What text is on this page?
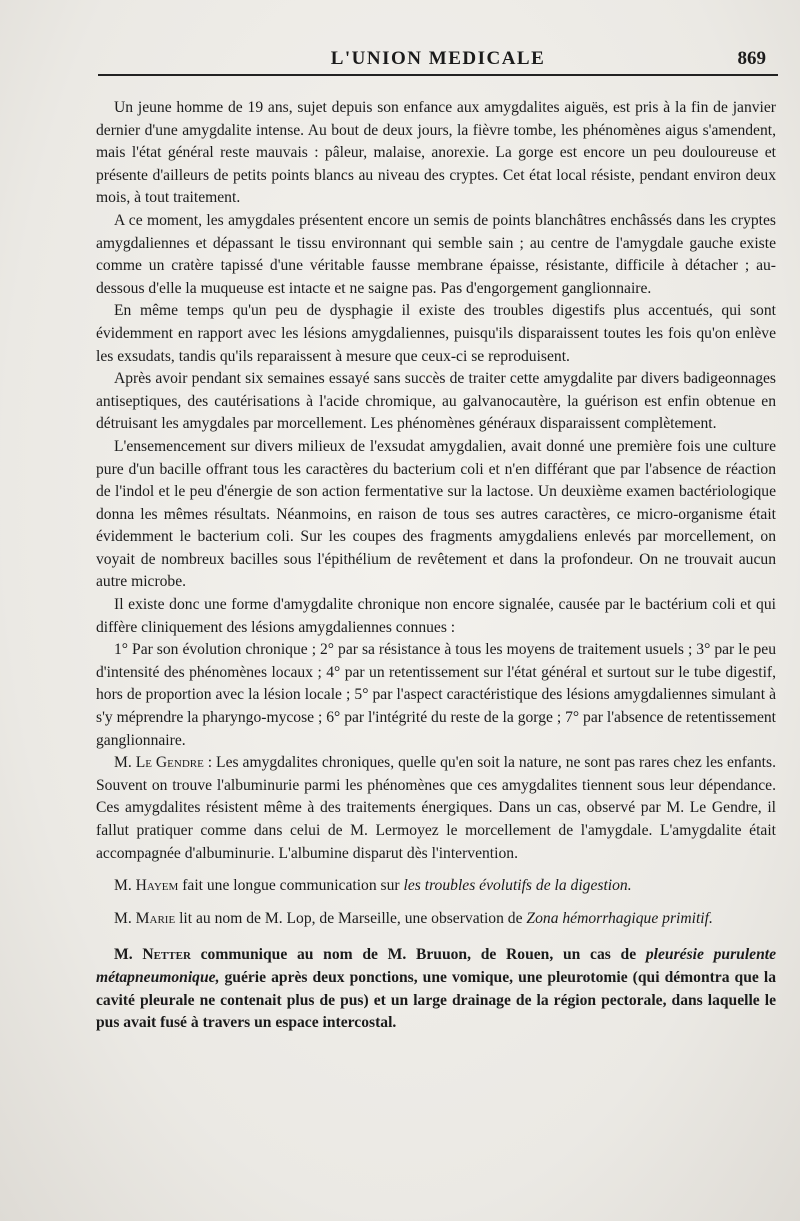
L'UNION MEDICALE	869

Un jeune homme de 19 ans, sujet depuis son enfance aux amygdalites aiguës, est pris à la fin de janvier dernier d'une amygdalite intense. Au bout de deux jours, la fièvre tombe, les phénomènes aigus s'amendent, mais l'état général reste mauvais : pâleur, malaise, anorexie. La gorge est encore un peu douloureuse et présente d'ailleurs de petits points blancs au niveau des cryptes. Cet état local résiste, pendant environ deux mois, à tout traitement.

A ce moment, les amygdales présentent encore un semis de points blanchâtres enchâssés dans les cryptes amygdaliennes et dépassant le tissu environnant qui semble sain ; au centre de l'amygdale gauche existe comme un cratère tapissé d'une véritable fausse membrane épaisse, résistante, difficile à détacher ; au-dessous d'elle la muqueuse est intacte et ne saigne pas. Pas d'engorgement ganglionnaire.

En même temps qu'un peu de dysphagie il existe des troubles digestifs plus accentués, qui sont évidemment en rapport avec les lésions amygdaliennes, puisqu'ils disparaissent toutes les fois qu'on enlève les exsudats, tandis qu'ils reparaissent à mesure que ceux-ci se reproduisent.

Après avoir pendant six semaines essayé sans succès de traiter cette amygdalite par divers badigeonnages antiseptiques, des cautérisations à l'acide chromique, au galvanocautère, la guérison est enfin obtenue en détruisant les amygdales par morcellement. Les phénomènes généraux disparaissent complètement.

L'ensemencement sur divers milieux de l'exsudat amygdalien, avait donné une première fois une culture pure d'un bacille offrant tous les caractères du bacterium coli et n'en différant que par l'absence de réaction de l'indol et le peu d'énergie de son action fermentative sur la lactose. Un deuxième examen bactériologique donna les mêmes résultats. Néanmoins, en raison de tous ses autres caractères, ce micro-organisme était évidemment le bacterium coli. Sur les coupes des fragments amygdaliens enlevés par morcellement, on voyait de nombreux bacilles sous l'épithélium de revêtement et dans la profondeur. On ne trouvait aucun autre microbe.

Il existe donc une forme d'amygdalite chronique non encore signalée, causée par le bactérium coli et qui diffère cliniquement des lésions amygdaliennes connues :

1° Par son évolution chronique ; 2° par sa résistance à tous les moyens de traitement usuels ; 3° par le peu d'intensité des phénomènes locaux ; 4° par un retentissement sur l'état général et surtout sur le tube digestif, hors de proportion avec la lésion locale ; 5° par l'aspect caractéristique des lésions amygdaliennes simulant à s'y méprendre la pharyngo-mycose ; 6° par l'intégrité du reste de la gorge ; 7° par l'absence de retentissement ganglionnaire.

M. Le Gendre : Les amygdalites chroniques, quelle qu'en soit la nature, ne sont pas rares chez les enfants. Souvent on trouve l'albuminurie parmi les phénomènes que ces amygdalites tiennent sous leur dépendance. Ces amygdalites résistent même à des traitements énergiques. Dans un cas, observé par M. Le Gendre, il fallut pratiquer comme dans celui de M. Lermoyez le morcellement de l'amygdale. L'amygdalite était accompagnée d'albuminurie. L'albumine disparut dès l'intervention.

M. Hayem fait une longue communication sur les troubles évolutifs de la digestion.

M. Marie lit au nom de M. Lop, de Marseille, une observation de Zona hémorrhagique primitif.

M. Netter communique au nom de M. Bruuon, de Rouen, un cas de pleurésie purulente métapneumonique, guérie après deux ponctions, une vomique, une pleurotomie (qui démontra que la cavité pleurale ne contenait plus de pus) et un large drainage de la région pectorale, dans laquelle le pus avait fusé à travers un espace intercostal.
